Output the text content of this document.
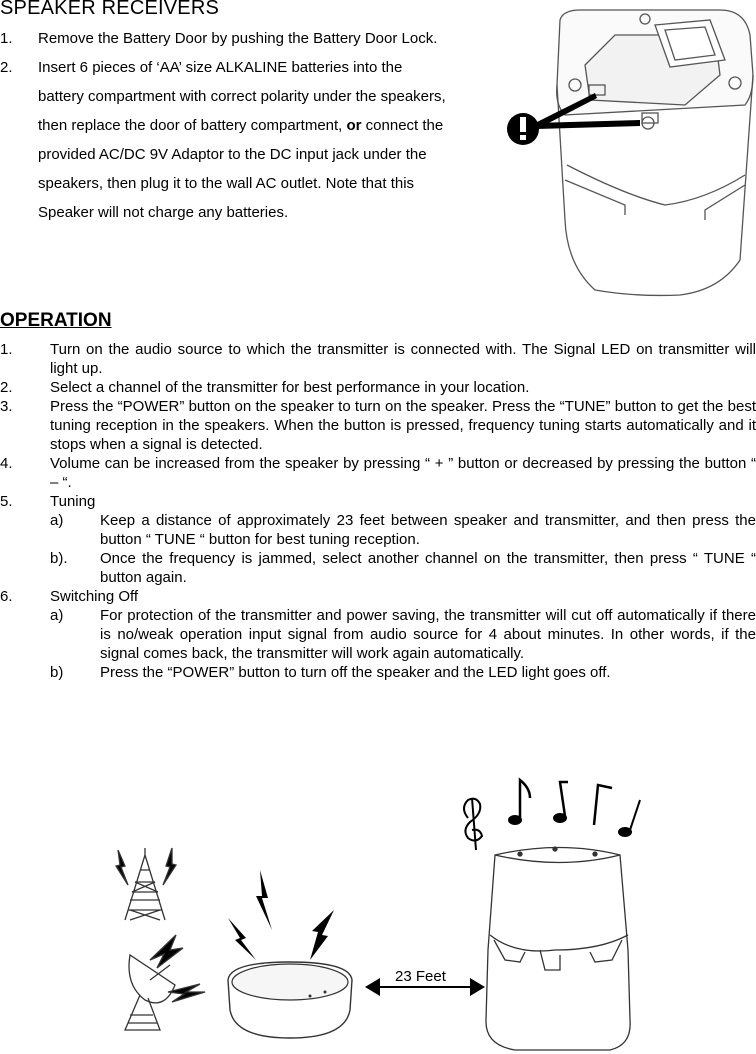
SPEAKER RECEIVERS
1. Remove the Battery Door by pushing the Battery Door Lock.
2. Insert 6 pieces of ‘AA’ size ALKALINE batteries into the
battery compartment with correct polarity under the speakers,
then replace the door of battery compartment, or connect the
provided AC/DC 9V Adaptor to the DC input jack under the
speakers, then plug it to the wall AC outlet. Note that this
Speaker will not charge any batteries.
OPERATION
1. Turn on the audio source to which the transmitter is connected with. The Signal LED on transmitter will light up.
2. Select a channel of the transmitter for best performance in your location.
3. Press the “POWER” button on the speaker to turn on the speaker. Press the “TUNE” button to get the best tuning reception in the speakers. When the button is pressed, frequency tuning starts automatically and it stops when a signal is detected.
4. Volume can be increased from the speaker by pressing “ + ” button or decreased by pressing the button “ – “.
5. Tuning
a) Keep a distance of approximately 23 feet between speaker and transmitter, and then press the button “ TUNE “ button for best tuning reception.
b). Once the frequency is jammed, select another channel on the transmitter, then press “ TUNE “ button again.
6. Switching Off
a) For protection of the transmitter and power saving, the transmitter will cut off automatically if there is no/weak operation input signal from audio source for 4 about minutes. In other words, if the signal comes back, the transmitter will work again automatically.
b) Press the “POWER” button to turn off the speaker and the LED light goes off.
23 Feet
